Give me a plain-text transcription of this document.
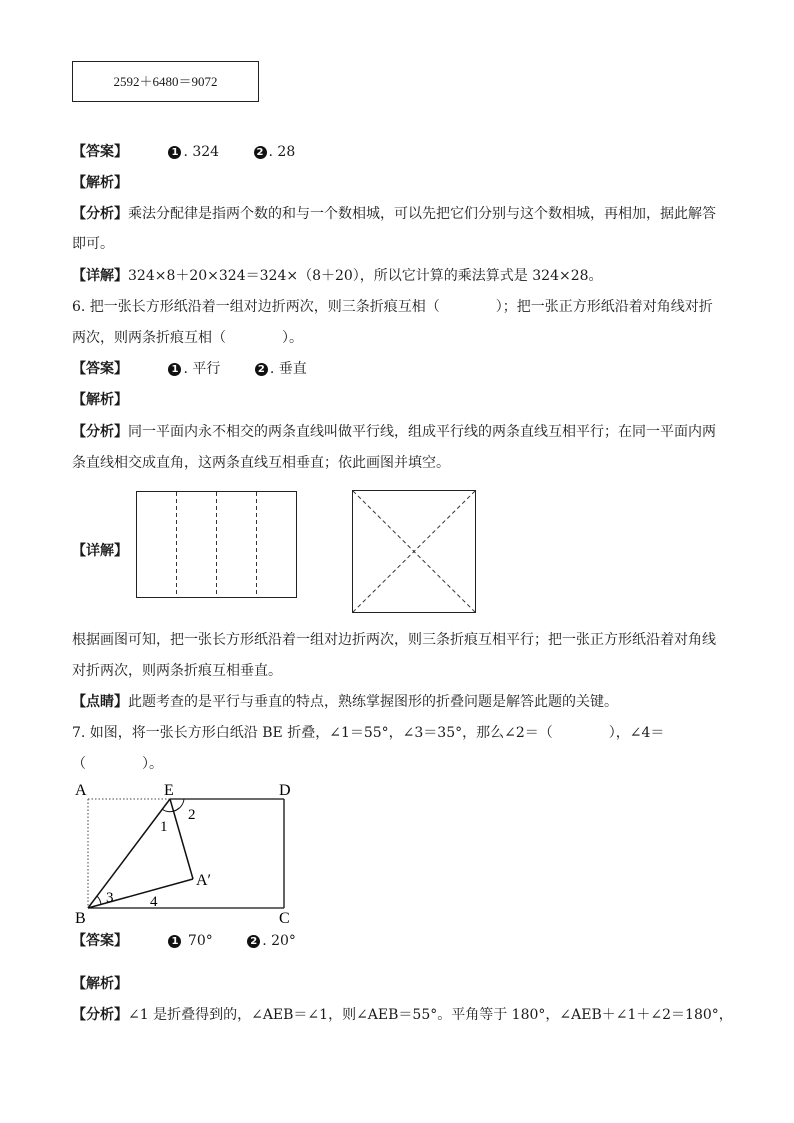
2592＋6480＝9072
【答案】	1 . 324	2 . 28
【解析】
【分析】乘法分配律是指两个数的和与一个数相城，可以先把它们分别与这个数相城，再相加，据此解答
即可。
【详解】324×8＋20×324＝324×（8＋20），所以它计算的乘法算式是 324×28。
6. 把一张长方形纸沿着一组对边折两次，则三条折痕互相（　　　　）；把一张正方形纸沿着对角线对折
两次，则两条折痕互相（　　　　）。
【答案】	1 . 平行	2 . 垂直
【解析】
【分析】同一平面内永不相交的两条直线叫做平行线，组成平行线的两条直线互相平行；在同一平面内两
条直线相交成直角，这两条直线互相垂直；依此画图并填空。
【详解】
根据画图可知，把一张长方形纸沿着一组对边折两次，则三条折痕互相平行；把一张正方形纸沿着对角线
对折两次，则两条折痕互相垂直。
【点睛】此题考查的是平行与垂直的特点，熟练掌握图形的折叠问题是解答此题的关键。
7. 如图，将一张长方形白纸沿 BE 折叠，∠1＝55°，∠3＝35°，那么∠2＝（　　　　），∠4＝
（　　　　）。
A	E	D
B	C
A′
1
2
3 4
【答案】	1 70°	2 . 20°
【解析】
【分析】∠1 是折叠得到的，∠AEB＝∠1，则∠AEB＝55°。平角等于 180°，∠AEB＋∠1＋∠2＝180°，
